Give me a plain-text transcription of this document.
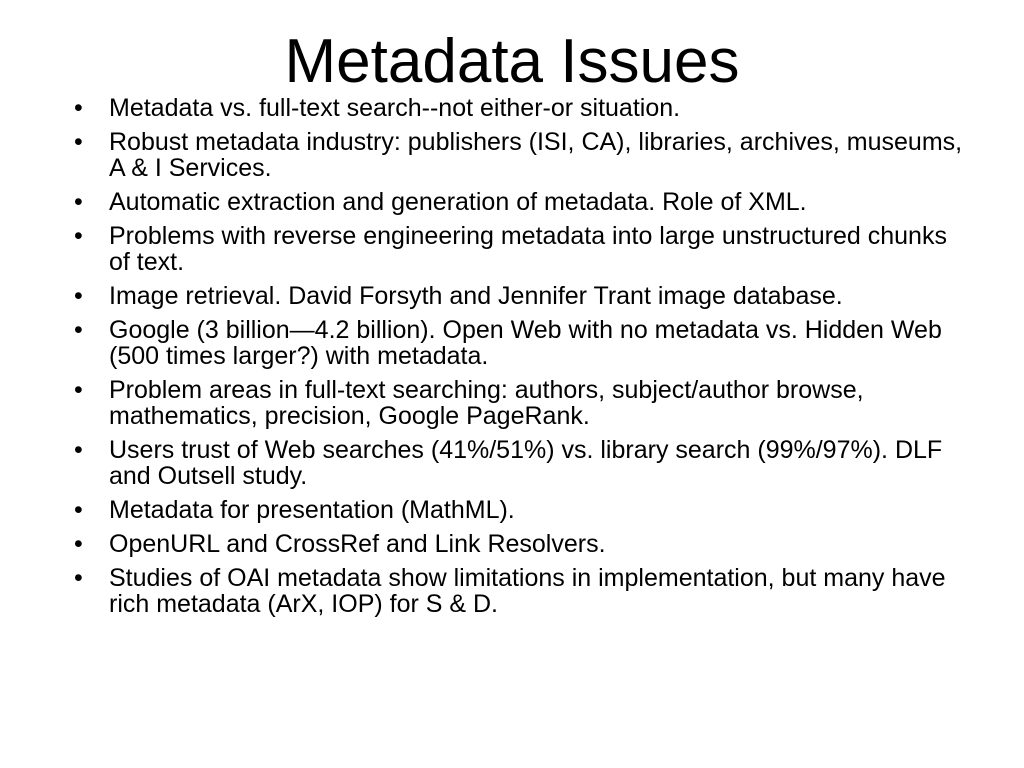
Metadata Issues
•	Metadata vs. full-text search--not either-or situation.
•	Robust metadata industry: publishers (ISI, CA), libraries, archives, museums, A & I Services.
•	Automatic extraction and generation of metadata. Role of XML.
•	Problems with reverse engineering metadata into large unstructured chunks of text.
•	Image retrieval. David Forsyth and Jennifer Trant image database.
•	Google (3 billion—4.2 billion). Open Web with no metadata vs. Hidden Web (500 times larger?) with metadata.
•	Problem areas in full-text searching: authors, subject/author browse, mathematics, precision, Google PageRank.
•	Users trust of Web searches (41%/51%) vs. library search (99%/97%). DLF and Outsell study.
•	Metadata for presentation (MathML).
•	OpenURL and CrossRef and Link Resolvers.
•	Studies of OAI metadata show limitations in implementation, but many have rich metadata (ArX, IOP) for S & D.
